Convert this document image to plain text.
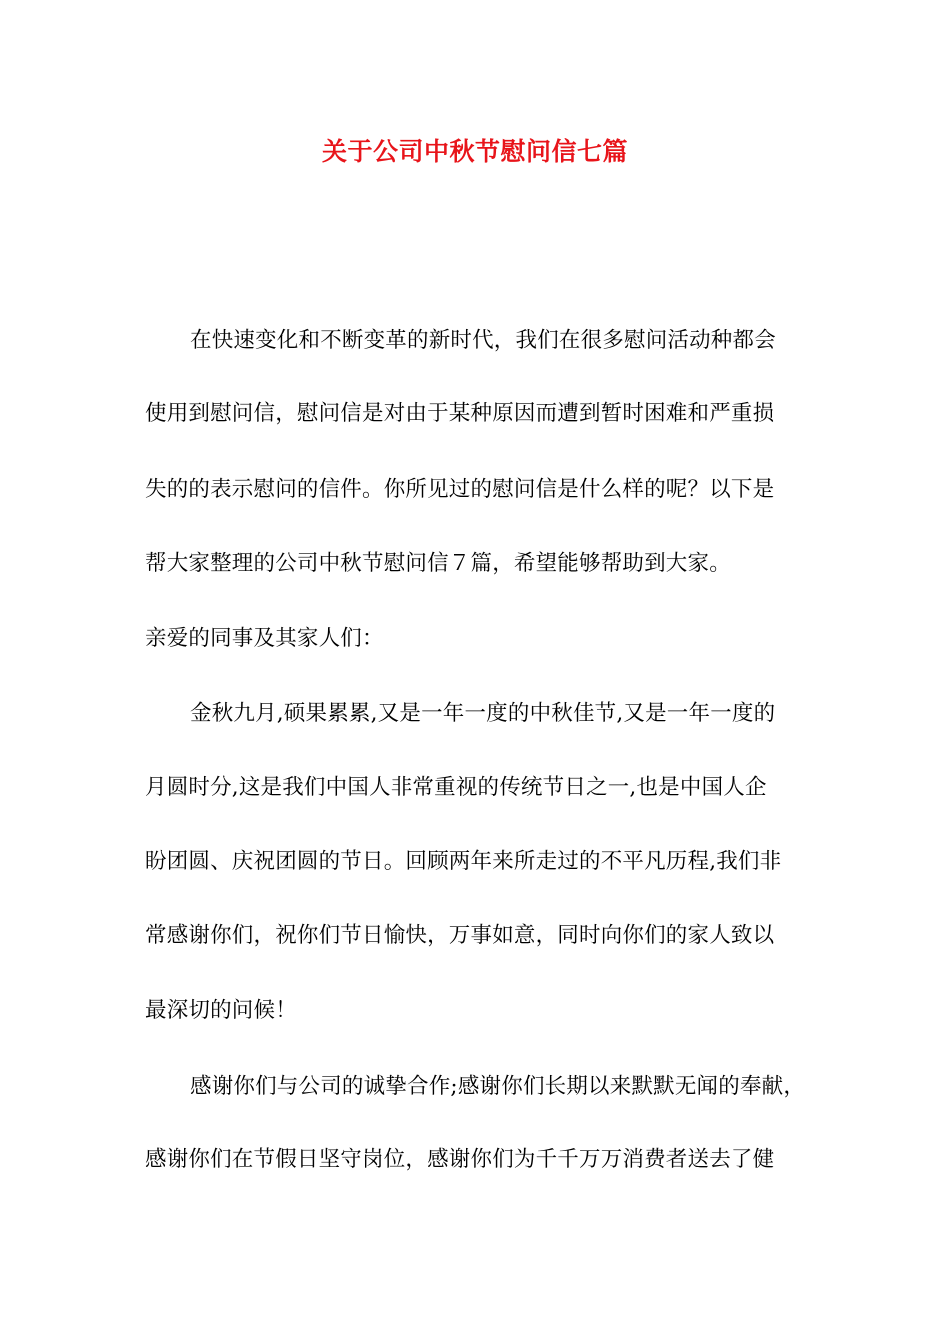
关于公司中秋节慰问信七篇
在快速变化和不断变革的新时代，我们在很多慰问活动种都会
使用到慰问信，慰问信是对由于某种原因而遭到暂时困难和严重损
失的的表示慰问的信件。你所见过的慰问信是什么样的呢？以下是
帮大家整理的公司中秋节慰问信７篇，希望能够帮助到大家。
亲爱的同事及其家人们：
金秋九月,硕果累累,又是一年一度的中秋佳节,又是一年一度的
月圆时分,这是我们中国人非常重视的传统节日之一,也是中国人企
盼团圆、庆祝团圆的节日。回顾两年来所走过的不平凡历程,我们非
常感谢你们，祝你们节日愉快，万事如意，同时向你们的家人致以
最深切的问候！
感谢你们与公司的诚挚合作;感谢你们长期以来默默无闻的奉献，
感谢你们在节假日坚守岗位，感谢你们为千千万万消费者送去了健
